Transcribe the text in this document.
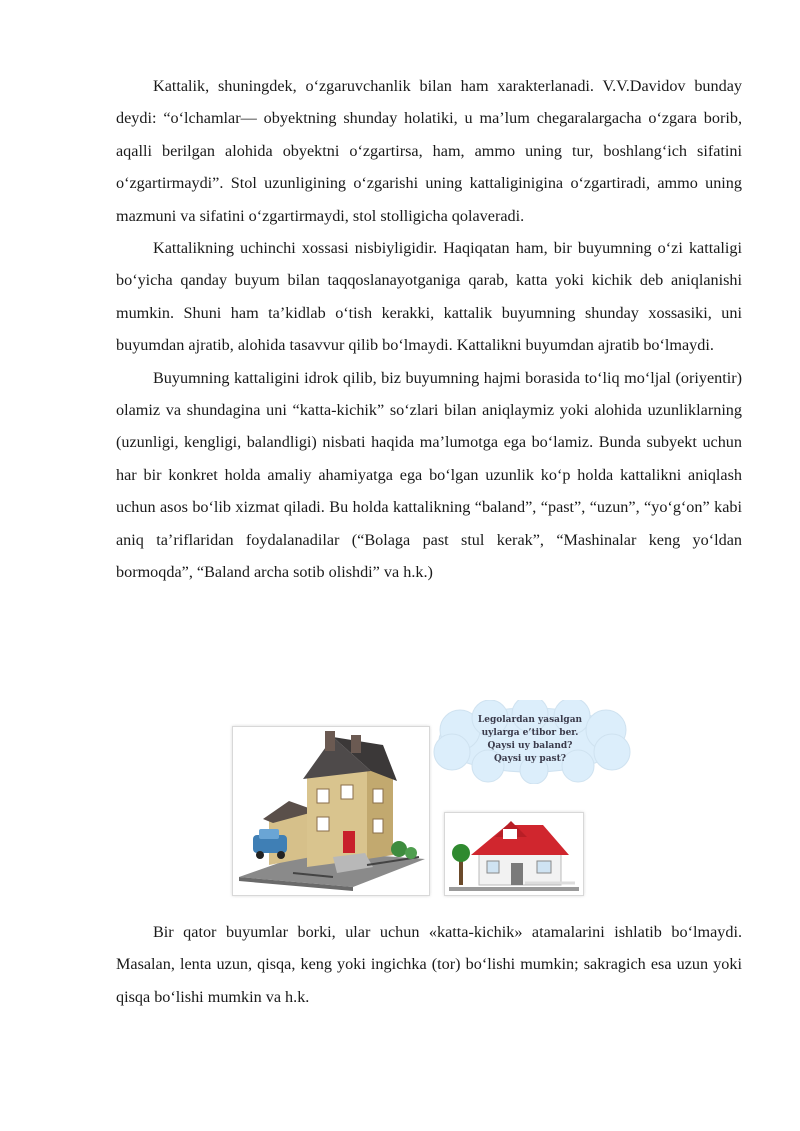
Kattalik, shuningdek, o‘zgaruvchanlik bilan ham xarakterlanadi. V.V.Davidov bunday deydi: “o‘lchamlar— obyektning shunday holatiki, u ma’lum chegaralargacha o‘zgara borib, aqalli berilgan alohida obyektni o‘zgartirsa, ham, ammo uning tur, boshlang‘ich sifatini o‘zgartirmaydi”. Stol uzunligining o‘zgarishi uning kattaliginigina o‘zgartiradi, ammo uning mazmuni va sifatini o‘zgartirmaydi, stol stolligicha qolaveradi.

Kattalikning uchinchi xossasi nisbiyligidir. Haqiqatan ham, bir buyumning o‘zi kattaligi bo‘yicha qanday buyum bilan taqqoslanayotganiga qarab, katta yoki kichik deb aniqlanishi mumkin. Shuni ham ta’kidlab o‘tish kerakki, kattalik buyumning shunday xossasiki, uni buyumdan ajratib, alohida tasavvur qilib bo‘lmaydi. Kattalikni buyumdan ajratib bo‘lmaydi.

Buyumning kattaligini idrok qilib, biz buyumning hajmi borasida to‘liq mo‘ljal (oriyentir) olamiz va shundagina uni “katta-kichik” so‘zlari bilan aniqlaymiz yoki alohida uzunliklarning (uzunligi, kengligi, balandligi) nisbati haqida ma’lumotga ega bo‘lamiz. Bunda subyekt uchun har bir konkret holda amaliy ahamiyatga ega bo‘lgan uzunlik ko‘p holda kattalikni aniqlash uchun asos bo‘lib xizmat qiladi. Bu holda kattalikning “baland”, “past”, “uzun”, “yo‘g‘on” kabi aniq ta’riflaridan foydalanadilar (“Bolaga past stul kerak”, “Mashinalar keng yo‘ldan bormoqda”, “Baland archa sotib olishdi” va h.k.)

Legolardan yasalgan
uylarga e’tibor ber.
Qaysi uy baland?
Qaysi uy past?

Bir qator buyumlar borki, ular uchun «katta-kichik» atamalarini ishlatib bo‘lmaydi. Masalan, lenta uzun, qisqa, keng yoki ingichka (tor) bo‘lishi mumkin; sakragich esa uzun yoki qisqa bo‘lishi mumkin va h.k.
